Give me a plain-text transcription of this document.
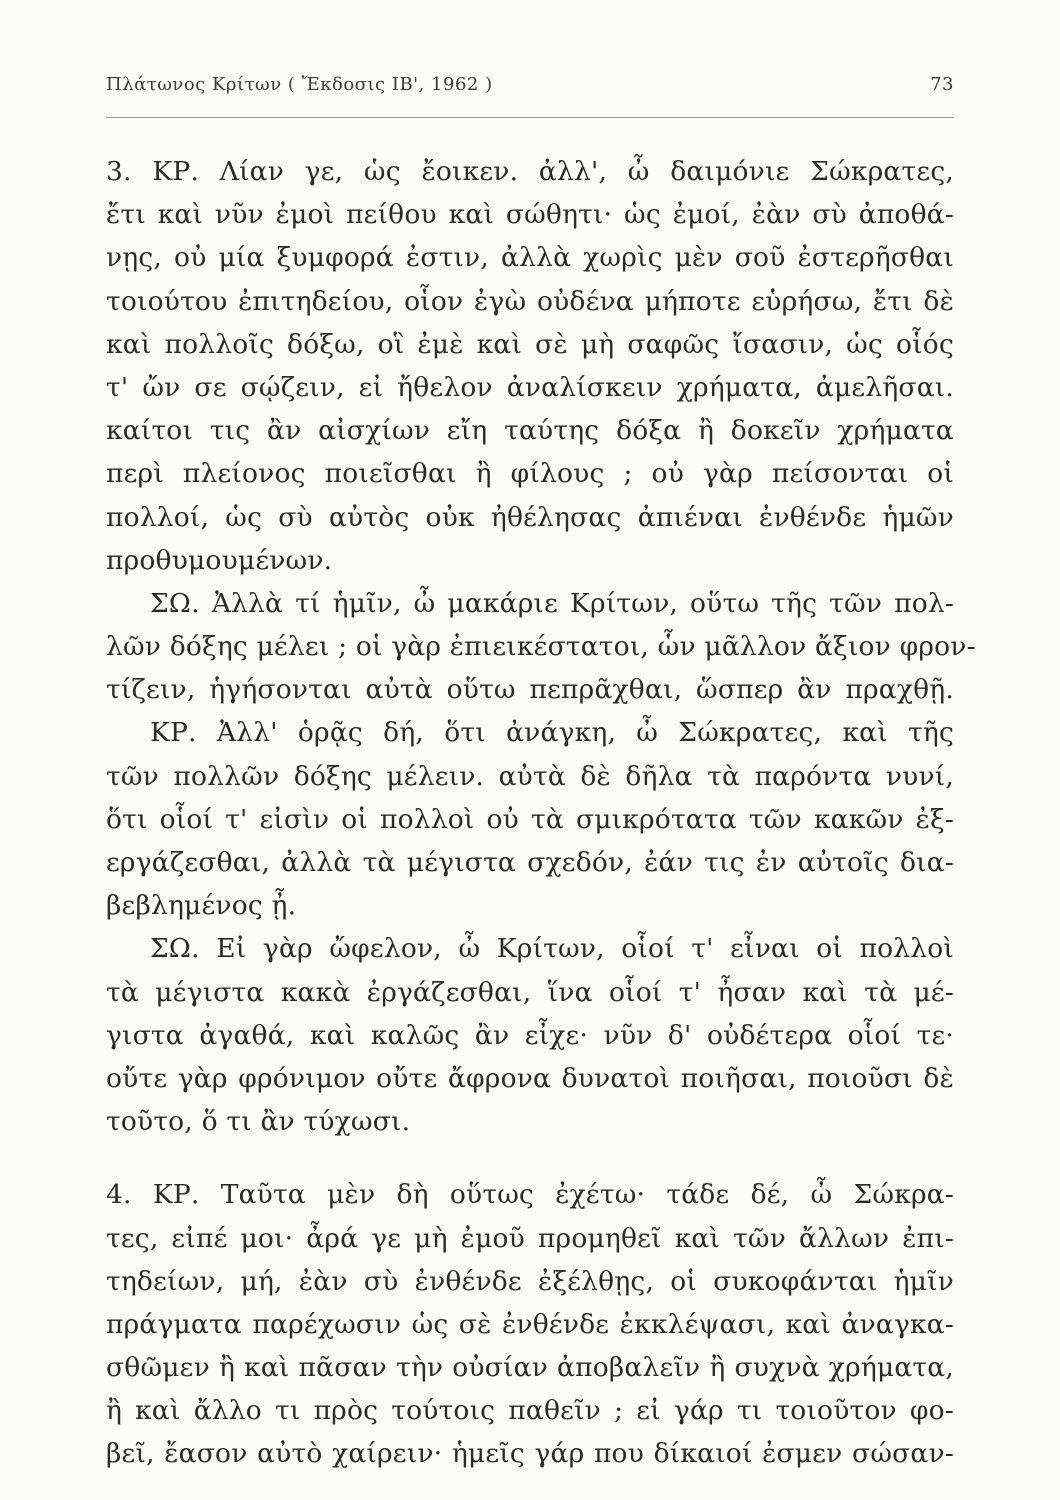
Πλάτωνος Κρίτων ( Ἔκδοσις ΙΒ', 1962 )	73
3. ΚΡ. Λίαν γε, ὡς ἔοικεν. ἀλλ', ὦ δαιμόνιε Σώκρατες,
ἔτι καὶ νῦν ἐμοὶ πείθου καὶ σώθητι· ὡς ἐμοί, ἐὰν σὺ ἀποθά-
νῃς, οὐ μία ξυμφορά ἐστιν, ἀλλὰ χωρὶς μὲν σοῦ ἐστερῆσθαι
τοιούτου ἐπιτηδείου, οἷον ἐγὼ οὐδένα μήποτε εὑρήσω, ἔτι δὲ
καὶ πολλοῖς δόξω, οἳ ἐμὲ καὶ σὲ μὴ σαφῶς ἴσασιν, ὡς οἷός
τ' ὤν σε σῴζειν, εἰ ἤθελον ἀναλίσκειν χρήματα, ἀμελῆσαι.
καίτοι τις ἂν αἰσχίων εἴη ταύτης δόξα ἢ δοκεῖν χρήματα
περὶ πλείονος ποιεῖσθαι ἢ φίλους ; οὐ γὰρ πείσονται οἱ
πολλοί, ὡς σὺ αὐτὸς οὐκ ἠθέλησας ἀπιέναι ἐνθένδε ἡμῶν
προθυμουμένων.
ΣΩ. Ἀλλὰ τί ἡμῖν, ὦ μακάριε Κρίτων, οὕτω τῆς τῶν πολ-
λῶν δόξης μέλει ; οἱ γὰρ ἐπιεικέστατοι, ὧν μᾶλλον ἄξιον φρον-
τίζειν, ἡγήσονται αὐτὰ οὕτω πεπρᾶχθαι, ὥσπερ ἂν πραχθῇ.
ΚΡ. Ἀλλ' ὁρᾷς δή, ὅτι ἀνάγκη, ὦ Σώκρατες, καὶ τῆς
τῶν πολλῶν δόξης μέλειν. αὐτὰ δὲ δῆλα τὰ παρόντα νυνί,
ὅτι οἷοί τ' εἰσὶν οἱ πολλοὶ οὐ τὰ σμικρότατα τῶν κακῶν ἐξ-
εργάζεσθαι, ἀλλὰ τὰ μέγιστα σχεδόν, ἐάν τις ἐν αὐτοῖς δια-
βεβλημένος ᾖ.
ΣΩ. Εἰ γὰρ ὤφελον, ὦ Κρίτων, οἷοί τ' εἶναι οἱ πολλοὶ
τὰ μέγιστα κακὰ ἐργάζεσθαι, ἵνα οἷοί τ' ἦσαν καὶ τὰ μέ-
γιστα ἀγαθά, καὶ καλῶς ἂν εἶχε· νῦν δ' οὐδέτερα οἷοί τε·
οὔτε γὰρ φρόνιμον οὔτε ἄφρονα δυνατοὶ ποιῆσαι, ποιοῦσι δὲ
τοῦτο, ὅ τι ἂν τύχωσι.
4. ΚΡ. Ταῦτα μὲν δὴ οὕτως ἐχέτω· τάδε δέ, ὦ Σώκρα-
τες, εἰπέ μοι· ἆρά γε μὴ ἐμοῦ προμηθεῖ καὶ τῶν ἄλλων ἐπι-
τηδείων, μή, ἐὰν σὺ ἐνθένδε ἐξέλθῃς, οἱ συκοφάνται ἡμῖν
πράγματα παρέχωσιν ὡς σὲ ἐνθένδε ἐκκλέψασι, καὶ ἀναγκα-
σθῶμεν ἢ καὶ πᾶσαν τὴν οὐσίαν ἀποβαλεῖν ἢ συχνὰ χρήματα,
ἢ καὶ ἄλλο τι πρὸς τούτοις παθεῖν ; εἰ γάρ τι τοιοῦτον φο-
βεῖ, ἔασον αὐτὸ χαίρειν· ἡμεῖς γάρ που δίκαιοί ἐσμεν σώσαν-
